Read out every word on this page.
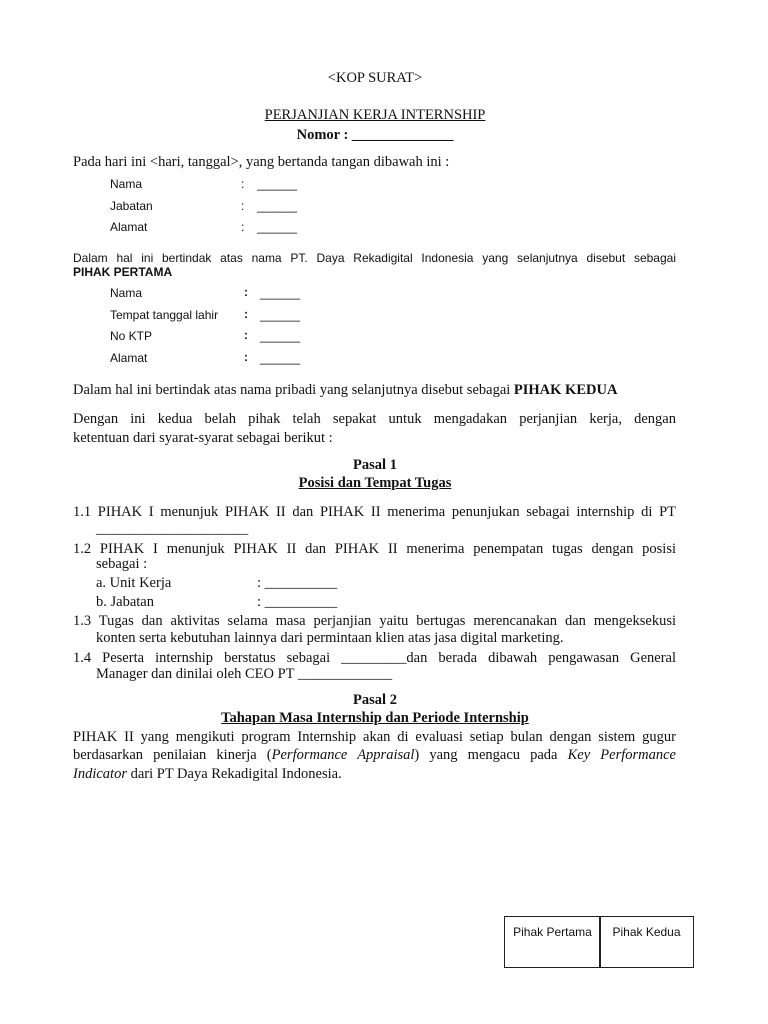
<KOP SURAT>
PERJANJIAN KERJA INTERNSHIP
Nomor : ______________
Pada hari ini <hari, tanggal>, yang bertanda tangan dibawah ini :
Nama	: ______
Jabatan	: ______
Alamat	: ______
Dalam hal ini bertindak atas nama PT. Daya Rekadigital Indonesia yang selanjutnya disebut sebagai
PIHAK PERTAMA
Nama	: ______
Tempat tanggal lahir : ______
No KTP	: ______
Alamat	: ______
Dalam hal ini bertindak atas nama pribadi yang selanjutnya disebut sebagai PIHAK KEDUA
Dengan ini kedua belah pihak telah sepakat untuk mengadakan perjanjian kerja, dengan
ketentuan dari syarat-syarat sebagai berikut :
Pasal 1
Posisi dan Tempat Tugas
1.1 PIHAK I menunjuk PIHAK II dan PIHAK II menerima penunjukan sebagai internship di PT
_____________________
1.2 PIHAK I menunjuk PIHAK II dan PIHAK II menerima penempatan tugas dengan posisi
sebagai :
a. Unit Kerja	: __________
b. Jabatan	: __________
1.3 Tugas dan aktivitas selama masa perjanjian yaitu bertugas merencanakan dan mengeksekusi
konten serta kebutuhan lainnya dari permintaan klien atas jasa digital marketing.
1.4 Peserta internship berstatus sebagai _________dan berada dibawah pengawasan General
Manager dan dinilai oleh CEO PT _____________
Pasal 2
Tahapan Masa Internship dan Periode Internship
PIHAK II yang mengikuti program Internship akan di evaluasi setiap bulan dengan sistem gugur
berdasarkan penilaian kinerja (Performance Appraisal) yang mengacu pada Key Performance
Indicator dari PT Daya Rekadigital Indonesia.
Pihak Pertama	Pihak Kedua
